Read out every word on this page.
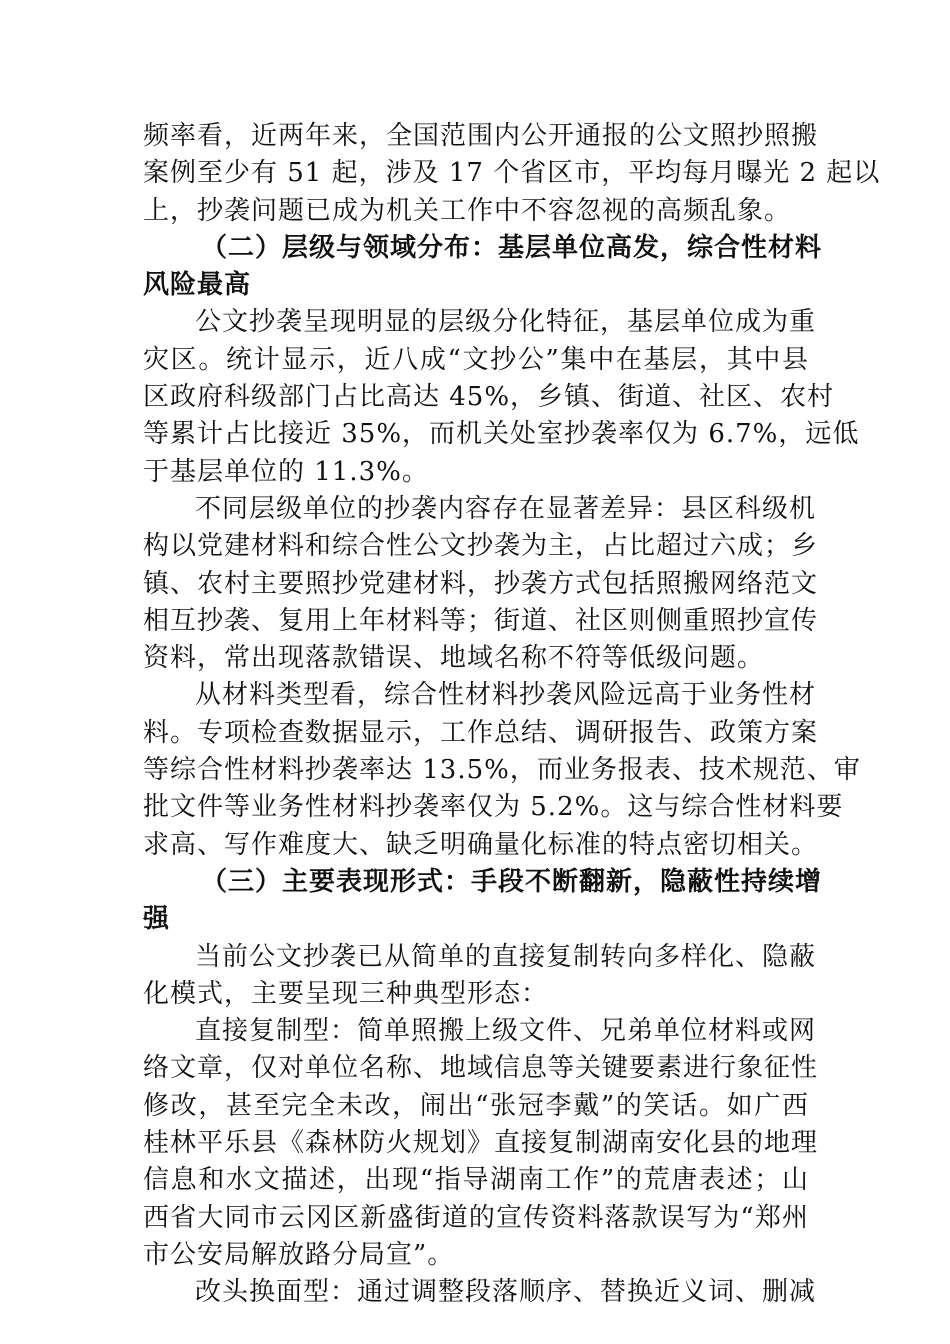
频率看，近两年来，全国范围内公开通报的公文照抄照搬
案例至少有 51 起，涉及 17 个省区市，平均每月曝光 2 起以
上，抄袭问题已成为机关工作中不容忽视的高频乱象。
（二）层级与领域分布：基层单位高发，综合性材料
风险最高
公文抄袭呈现明显的层级分化特征，基层单位成为重
灾区。统计显示，近八成“文抄公”集中在基层，其中县
区政府科级部门占比高达 45%，乡镇、街道、社区、农村
等累计占比接近 35%，而机关处室抄袭率仅为 6.7%，远低
于基层单位的 11.3%。
不同层级单位的抄袭内容存在显著差异：县区科级机
构以党建材料和综合性公文抄袭为主，占比超过六成；乡
镇、农村主要照抄党建材料，抄袭方式包括照搬网络范文
相互抄袭、复用上年材料等；街道、社区则侧重照抄宣传
资料，常出现落款错误、地域名称不符等低级问题。
从材料类型看，综合性材料抄袭风险远高于业务性材
料。专项检查数据显示，工作总结、调研报告、政策方案
等综合性材料抄袭率达 13.5%，而业务报表、技术规范、审
批文件等业务性材料抄袭率仅为 5.2%。这与综合性材料要
求高、写作难度大、缺乏明确量化标准的特点密切相关。
（三）主要表现形式：手段不断翻新，隐蔽性持续增
强
当前公文抄袭已从简单的直接复制转向多样化、隐蔽
化模式，主要呈现三种典型形态：
直接复制型：简单照搬上级文件、兄弟单位材料或网
络文章，仅对单位名称、地域信息等关键要素进行象征性
修改，甚至完全未改，闹出“张冠李戴”的笑话。如广西
桂林平乐县《森林防火规划》直接复制湖南安化县的地理
信息和水文描述，出现“指导湖南工作”的荒唐表述；山
西省大同市云冈区新盛街道的宣传资料落款误写为“郑州
市公安局解放路分局宣”。
改头换面型：通过调整段落顺序、替换近义词、删减
